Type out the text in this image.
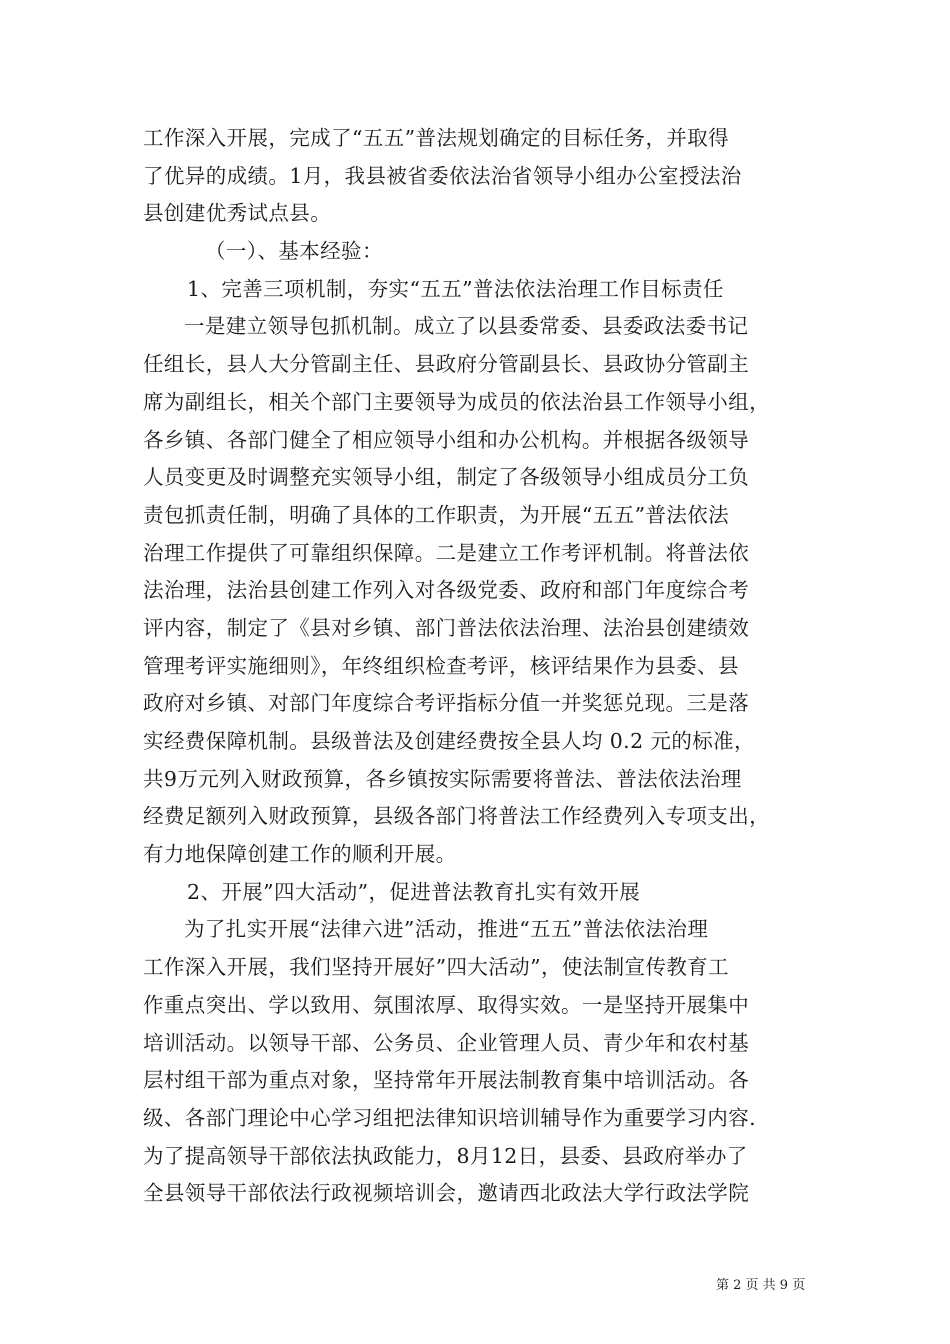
工作深入开展，完成了“五五”普法规划确定的目标任务，并取得
了优异的成绩。1月，我县被省委依法治省领导小组办公室授法治
县创建优秀试点县。
（一）、基本经验：
1、完善三项机制，夯实“五五”普法依法治理工作目标责任
一是建立领导包抓机制。成立了以县委常委、县委政法委书记
任组长，县人大分管副主任、县政府分管副县长、县政协分管副主
席为副组长，相关个部门主要领导为成员的依法治县工作领导小组，
各乡镇、各部门健全了相应领导小组和办公机构。并根据各级领导
人员变更及时调整充实领导小组，制定了各级领导小组成员分工负
责包抓责任制，明确了具体的工作职责，为开展“五五”普法依法
治理工作提供了可靠组织保障。二是建立工作考评机制。将普法依
法治理，法治县创建工作列入对各级党委、政府和部门年度综合考
评内容，制定了《县对乡镇、部门普法依法治理、法治县创建绩效
管理考评实施细则》，年终组织检查考评，核评结果作为县委、县
政府对乡镇、对部门年度综合考评指标分值一并奖惩兑现。三是落
实经费保障机制。县级普法及创建经费按全县人均 0.2 元的标准，
共9万元列入财政预算，各乡镇按实际需要将普法、普法依法治理
经费足额列入财政预算，县级各部门将普法工作经费列入专项支出，
有力地保障创建工作的顺利开展。
2、开展”四大活动”，促进普法教育扎实有效开展
为了扎实开展“法律六进”活动，推进“五五”普法依法治理
工作深入开展，我们坚持开展好”四大活动”，使法制宣传教育工
作重点突出、学以致用、氛围浓厚、取得实效。一是坚持开展集中
培训活动。以领导干部、公务员、企业管理人员、青少年和农村基
层村组干部为重点对象，坚持常年开展法制教育集中培训活动。各
级、各部门理论中心学习组把法律知识培训辅导作为重要学习内容.
为了提高领导干部依法执政能力，8月12日，县委、县政府举办了
全县领导干部依法行政视频培训会，邀请西北政法大学行政法学院
第 2 页 共 9 页
